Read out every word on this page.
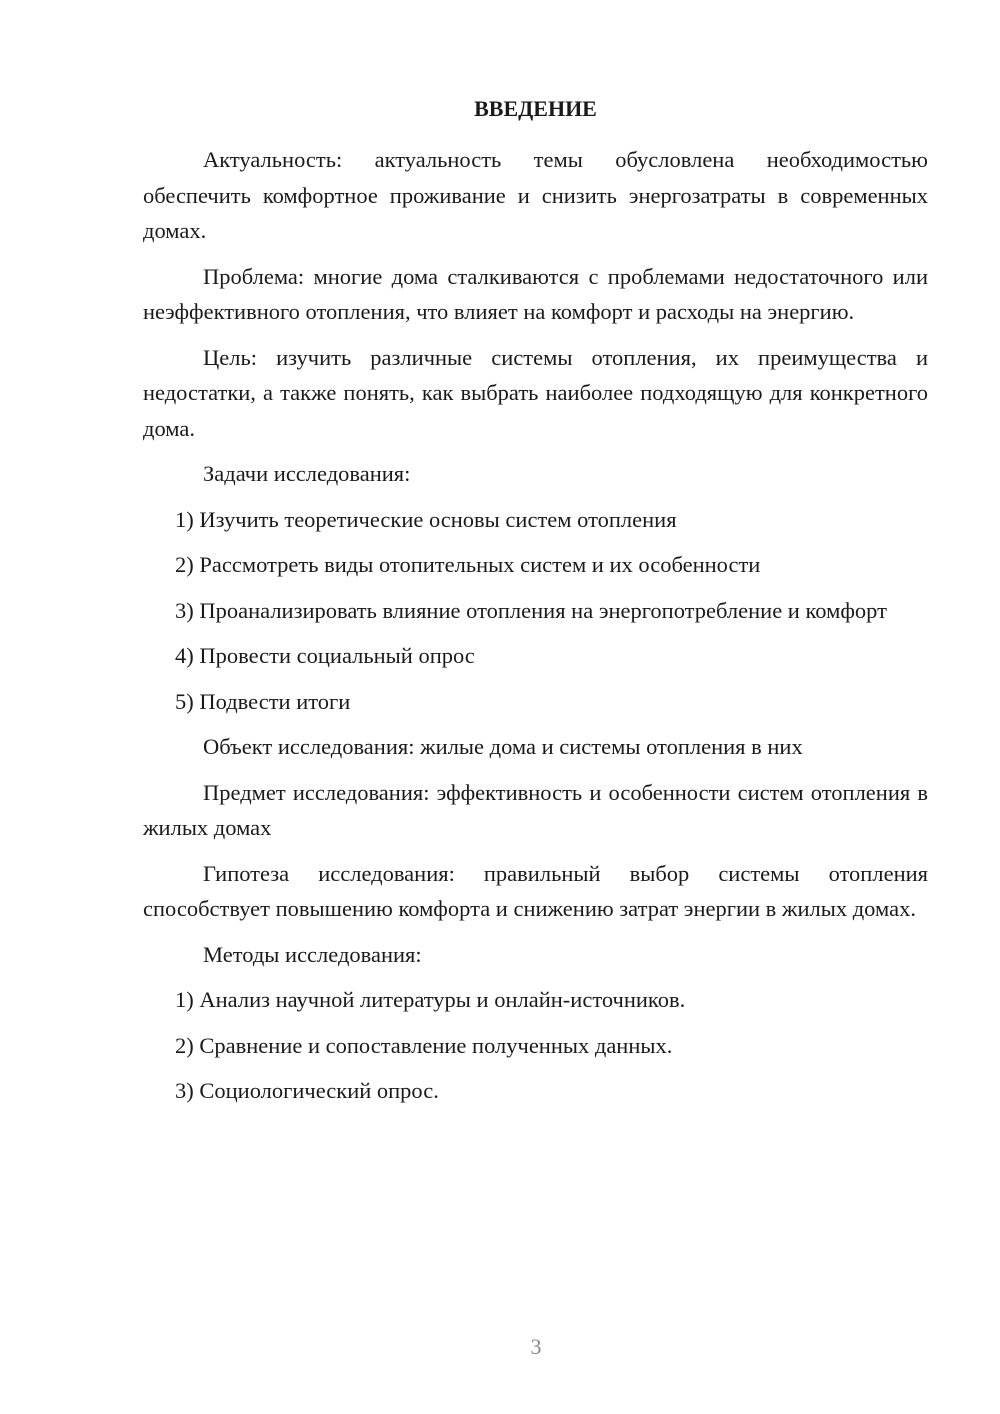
ВВЕДЕНИЕ

Актуальность: актуальность темы обусловлена необходимостью обеспечить комфортное проживание и снизить энергозатраты в современных домах.

Проблема: многие дома сталкиваются с проблемами недостаточного или неэффективного отопления, что влияет на комфорт и расходы на энергию.

Цель: изучить различные системы отопления, их преимущества и недостатки, а также понять, как выбрать наиболее подходящую для конкретного дома.

Задачи исследования:

1) Изучить теоретические основы систем отопления

2) Рассмотреть виды отопительных систем и их особенности

3) Проанализировать влияние отопления на энергопотребление и комфорт

4) Провести социальный опрос

5) Подвести итоги

Объект исследования: жилые дома и системы отопления в них

Предмет исследования: эффективность и особенности систем отопления в жилых домах

Гипотеза исследования: правильный выбор системы отопления способствует повышению комфорта и снижению затрат энергии в жилых домах.

Методы исследования:

1) Анализ научной литературы и онлайн-источников.

2) Сравнение и сопоставление полученных данных.

3) Социологический опрос.

3
